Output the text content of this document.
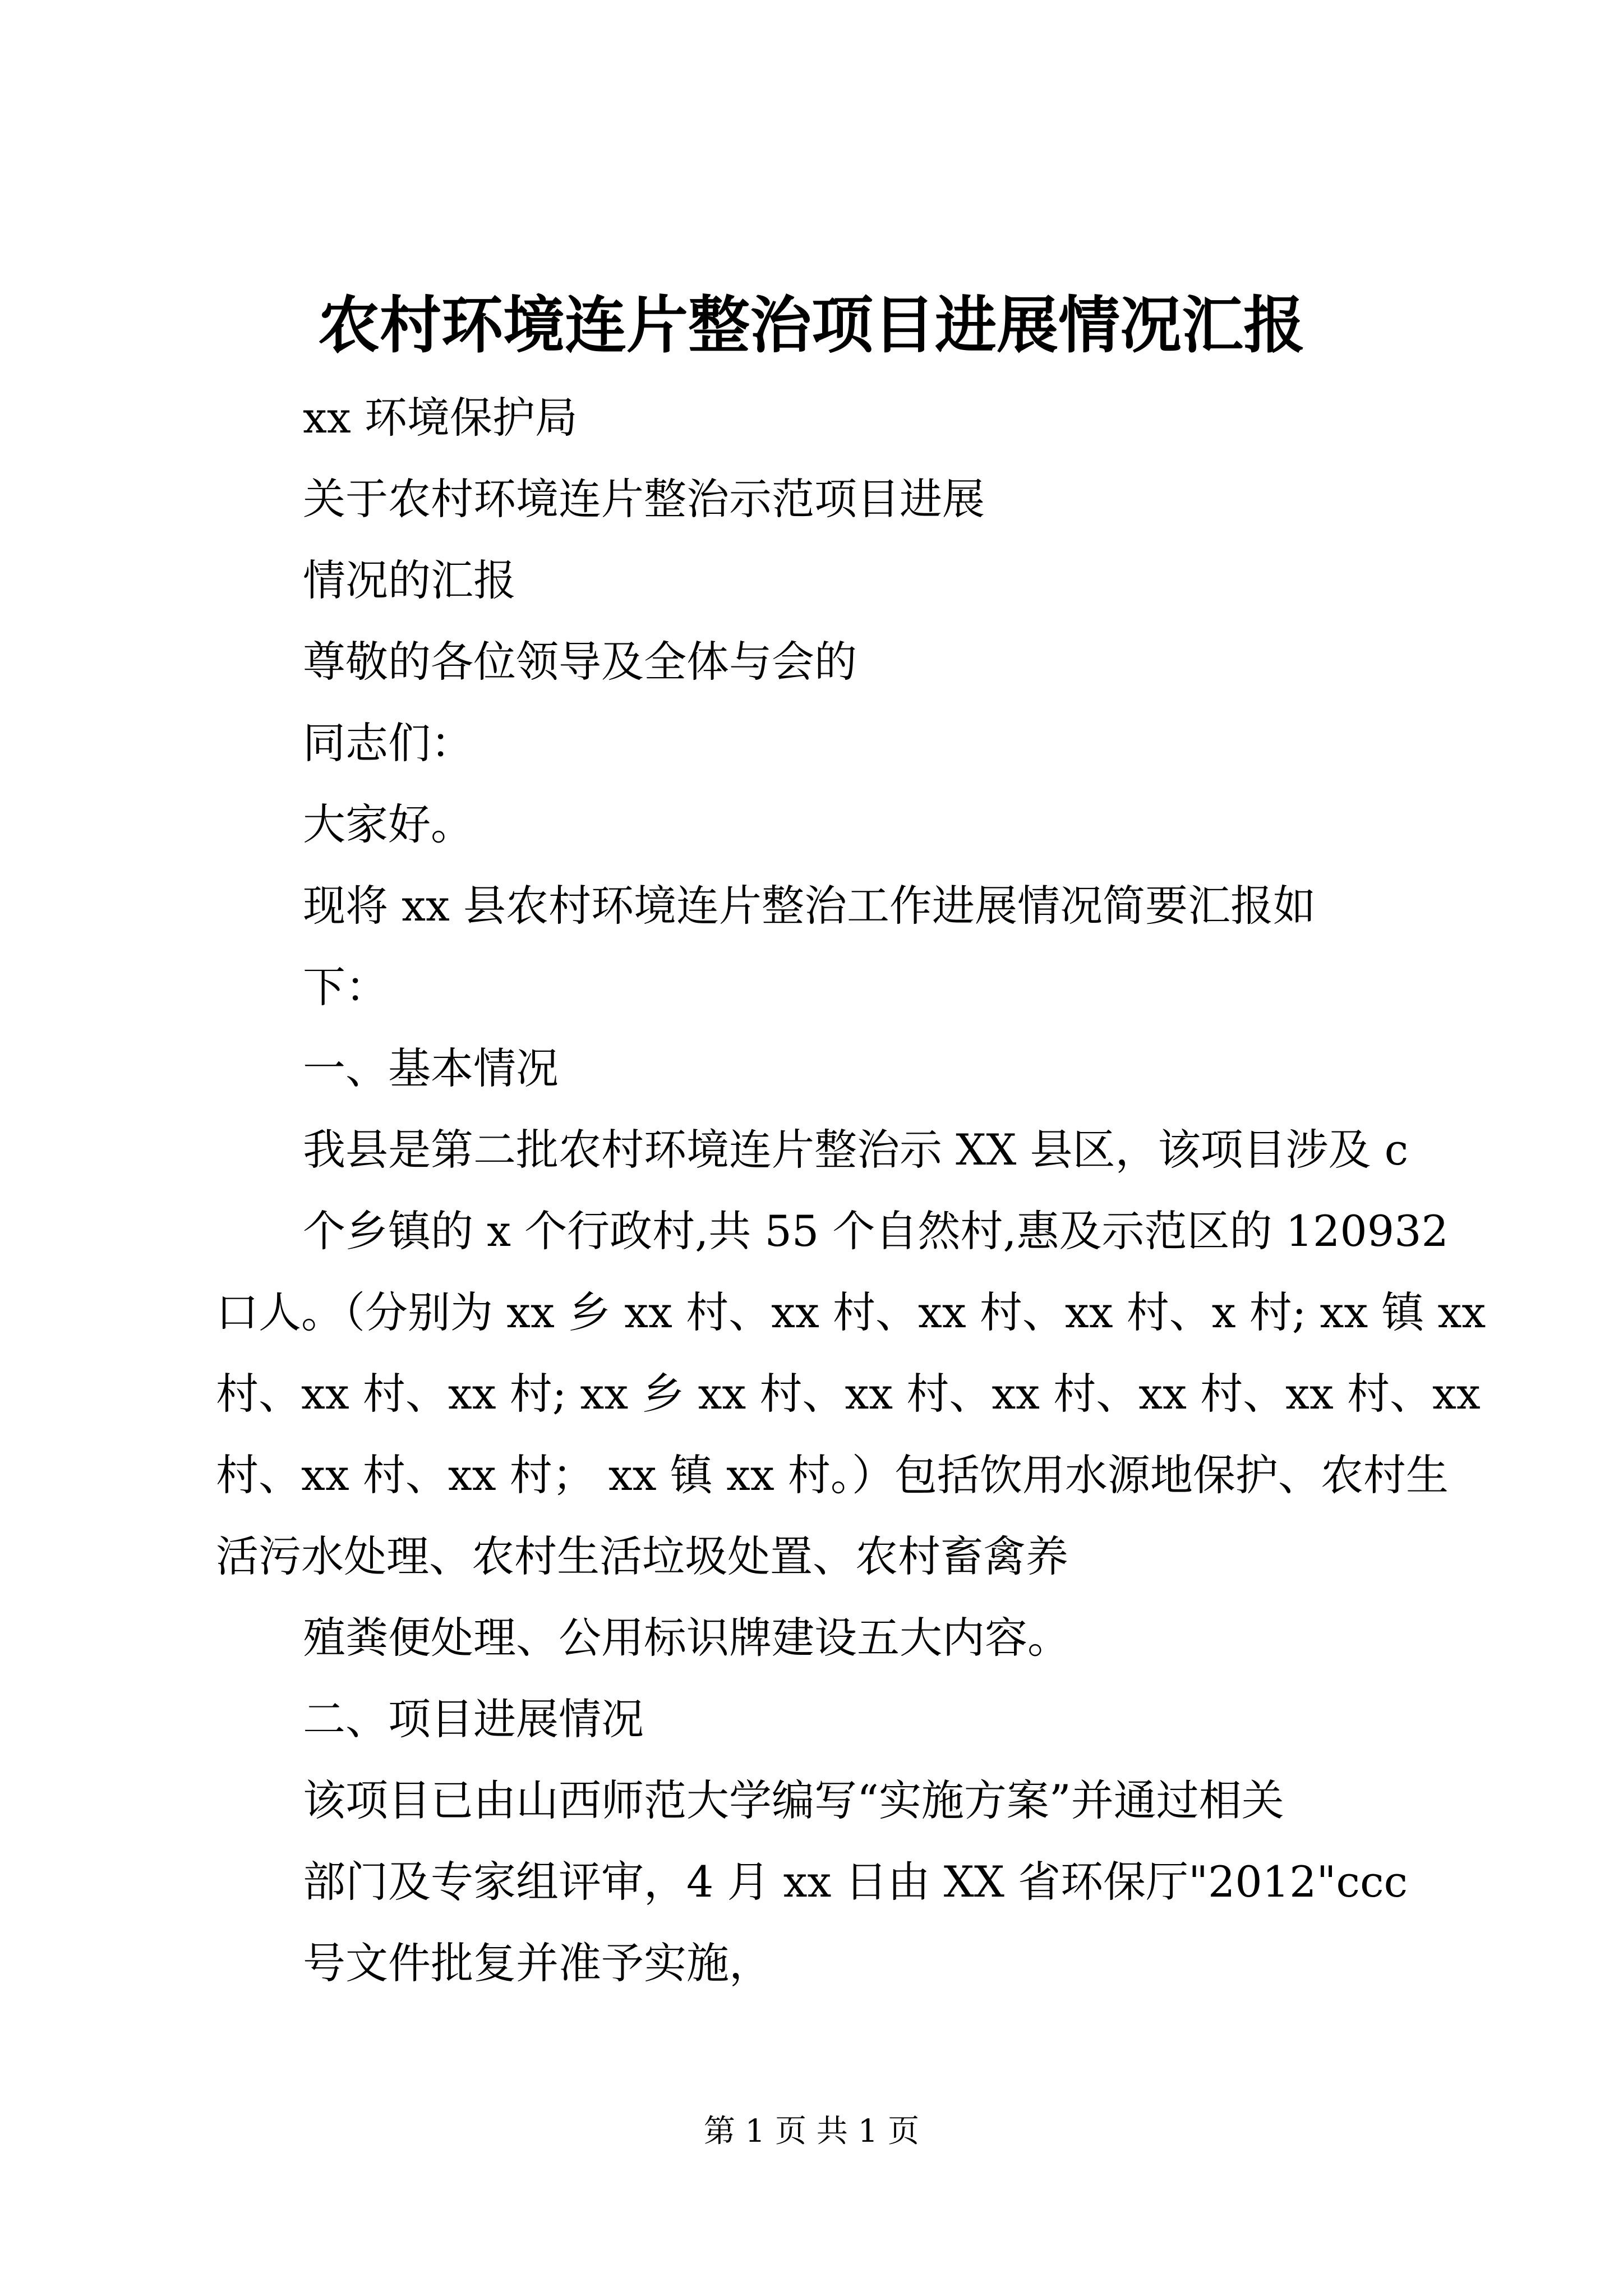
农村环境连片整治项目进展情况汇报
xx 环境保护局
关于农村环境连片整治示范项目进展
情况的汇报
尊敬的各位领导及全体与会的
同志们：
大家好。
现将 xx 县农村环境连片整治工作进展情况简要汇报如
下：
一、基本情况
我县是第二批农村环境连片整治示 XX 县区，该项目涉及 c
个乡镇的 x 个行政村,共 55 个自然村,惠及示范区的 120932
口人。（分别为 xx 乡 xx 村、xx 村、xx 村、xx 村、x 村; xx 镇 xx
村、xx 村、xx 村; xx 乡 xx 村、xx 村、xx 村、xx 村、xx 村、xx
村、xx 村、xx 村； xx 镇 xx 村。）包括饮用水源地保护、农村生
活污水处理、农村生活垃圾处置、农村畜禽养
殖粪便处理、公用标识牌建设五大内容。
二、项目进展情况
该项目已由山西师范大学编写“实施方案”并通过相关
部门及专家组评审，4 月 xx 日由 XX 省环保厅"2012"ccc
号文件批复并准予实施，
第 1 页 共 1 页
